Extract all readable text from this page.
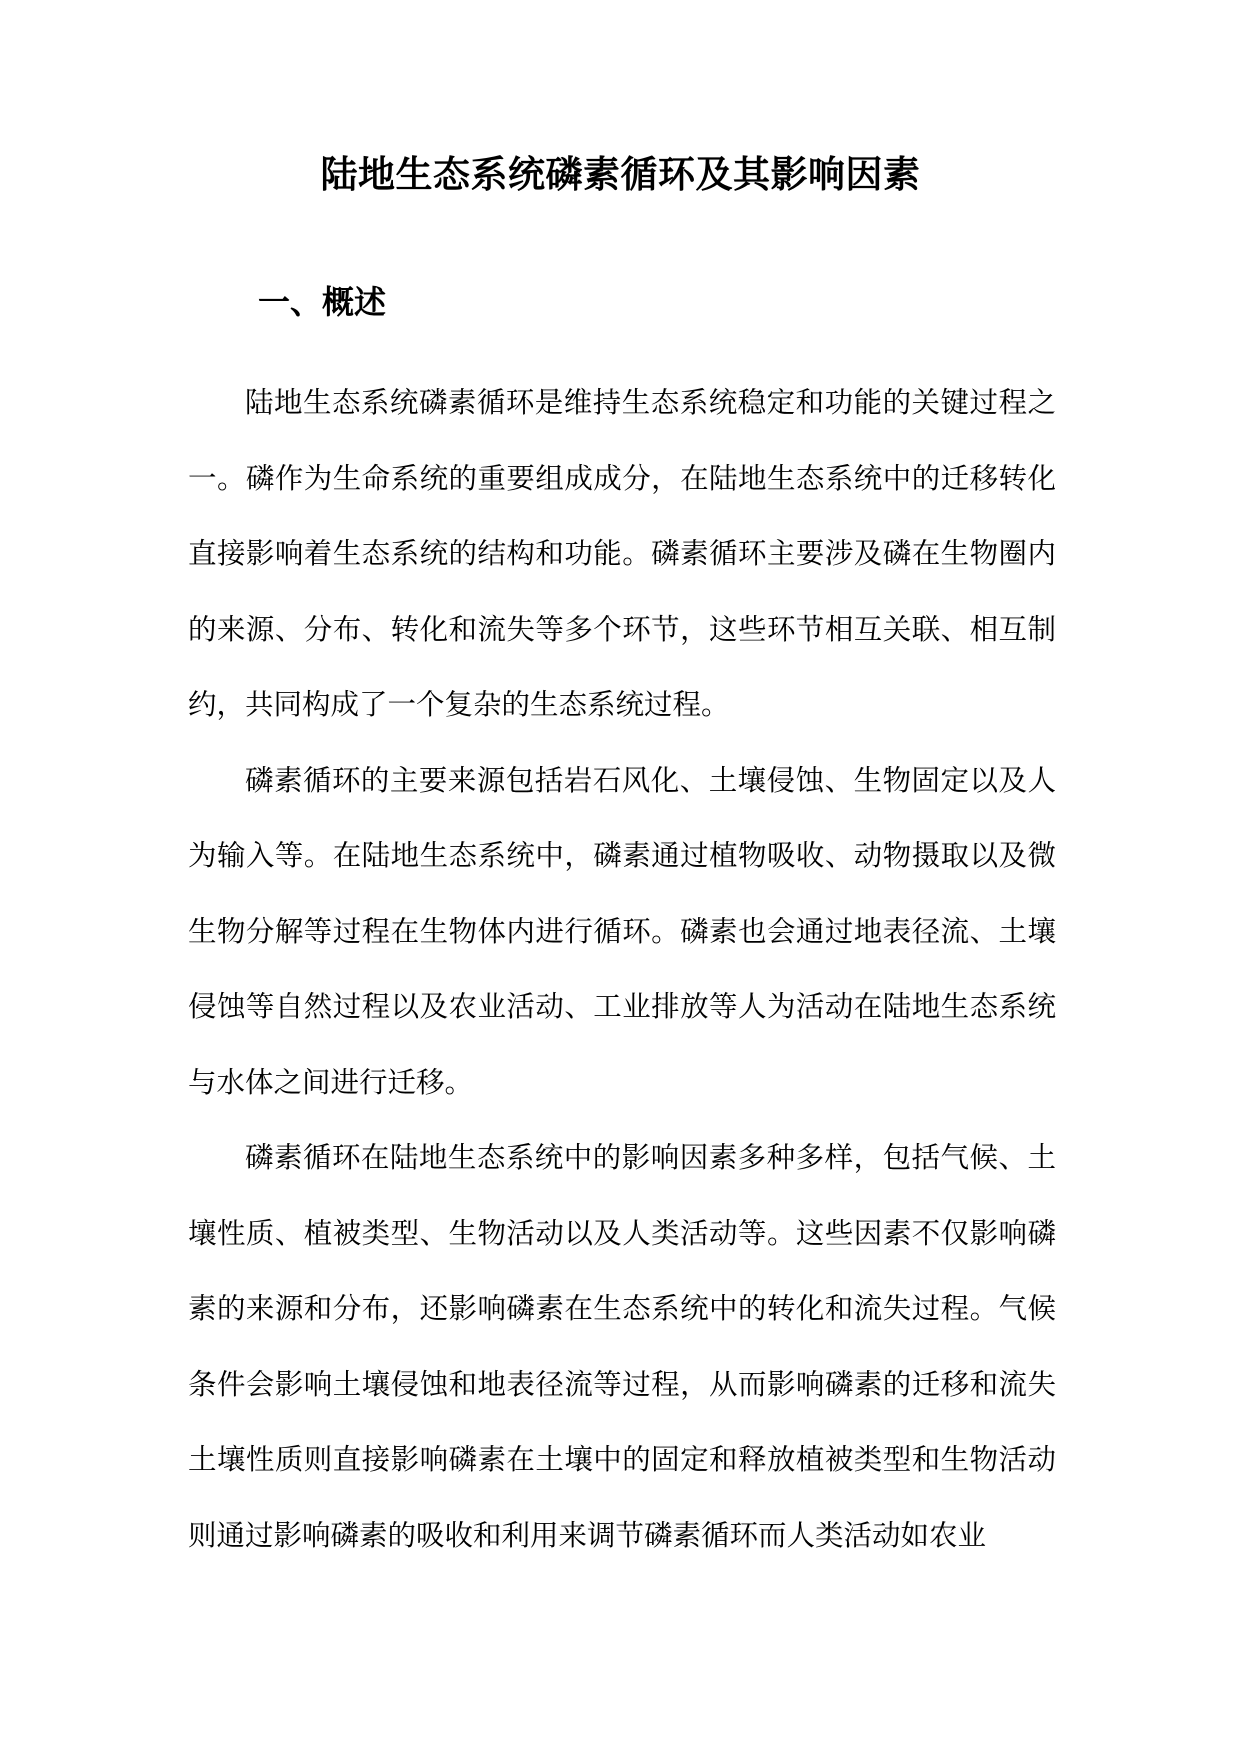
陆地生态系统磷素循环及其影响因素
一、概述

陆地生态系统磷素循环是维持生态系统稳定和功能的关键过程之一。磷作为生命系统的重要组成成分，在陆地生态系统中的迁移转化直接影响着生态系统的结构和功能。磷素循环主要涉及磷在生物圈内的来源、分布、转化和流失等多个环节，这些环节相互关联、相互制约，共同构成了一个复杂的生态系统过程。

磷素循环的主要来源包括岩石风化、土壤侵蚀、生物固定以及人为输入等。在陆地生态系统中，磷素通过植物吸收、动物摄取以及微生物分解等过程在生物体内进行循环。磷素也会通过地表径流、土壤侵蚀等自然过程以及农业活动、工业排放等人为活动在陆地生态系统与水体之间进行迁移。

磷素循环在陆地生态系统中的影响因素多种多样，包括气候、土壤性质、植被类型、生物活动以及人类活动等。这些因素不仅影响磷素的来源和分布，还影响磷素在生态系统中的转化和流失过程。气候条件会影响土壤侵蚀和地表径流等过程，从而影响磷素的迁移和流失土壤性质则直接影响磷素在土壤中的固定和释放植被类型和生物活动则通过影响磷素的吸收和利用来调节磷素循环而人类活动如农业
